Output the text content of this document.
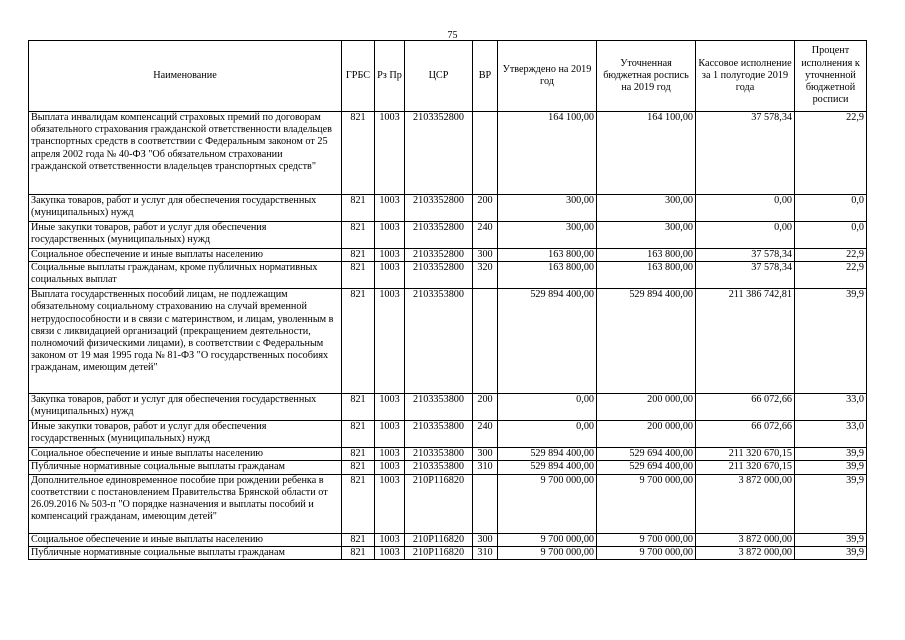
75
Наименование	ГРБС	Рз Пр	ЦСР	ВР	Утверждено на 2019 год	Уточненная бюджетная роспись на 2019 год	Кассовое исполнение за 1 полугодие 2019 года	Процент исполнения к уточненной бюджетной росписи
Выплата инвалидам компенсаций страховых премий по договорам обязательного страхования гражданской ответственности владельцев транспортных средств в соответствии с Федеральным законом от 25 апреля 2002 года № 40-ФЗ "Об обязательном страховании гражданской ответственности владельцев транспортных средств"	821	1003	2103352800		164 100,00	164 100,00	37 578,34	22,9
Закупка товаров, работ и услуг для обеспечения государственных (муниципальных) нужд	821	1003	2103352800	200	300,00	300,00	0,00	0,0
Иные закупки товаров, работ и услуг для обеспечения государственных (муниципальных) нужд	821	1003	2103352800	240	300,00	300,00	0,00	0,0
Социальное обеспечение и иные выплаты населению	821	1003	2103352800	300	163 800,00	163 800,00	37 578,34	22,9
Социальные выплаты гражданам, кроме публичных нормативных социальных выплат	821	1003	2103352800	320	163 800,00	163 800,00	37 578,34	22,9
Выплата государственных пособий лицам, не подлежащим обязательному социальному страхованию на случай временной нетрудоспособности и в связи с материнством, и лицам, уволенным в связи с ликвидацией организаций (прекращением деятельности, полномочий физическими лицами), в соответствии с Федеральным законом от 19 мая 1995 года № 81-ФЗ "О государственных пособиях гражданам, имеющим детей"	821	1003	2103353800		529 894 400,00	529 894 400,00	211 386 742,81	39,9
Закупка товаров, работ и услуг для обеспечения государственных (муниципальных) нужд	821	1003	2103353800	200	0,00	200 000,00	66 072,66	33,0
Иные закупки товаров, работ и услуг для обеспечения государственных (муниципальных) нужд	821	1003	2103353800	240	0,00	200 000,00	66 072,66	33,0
Социальное обеспечение и иные выплаты населению	821	1003	2103353800	300	529 894 400,00	529 694 400,00	211 320 670,15	39,9
Публичные нормативные социальные выплаты гражданам	821	1003	2103353800	310	529 894 400,00	529 694 400,00	211 320 670,15	39,9
Дополнительное единовременное пособие при рождении ребенка в соответствии с постановлением Правительства Брянской области от 26.09.2016 № 503-п "О порядке назначения и выплаты пособий и компенсаций гражданам, имеющим детей"	821	1003	210P116820		9 700 000,00	9 700 000,00	3 872 000,00	39,9
Социальное обеспечение и иные выплаты населению	821	1003	210P116820	300	9 700 000,00	9 700 000,00	3 872 000,00	39,9
Публичные нормативные социальные выплаты гражданам	821	1003	210P116820	310	9 700 000,00	9 700 000,00	3 872 000,00	39,9
